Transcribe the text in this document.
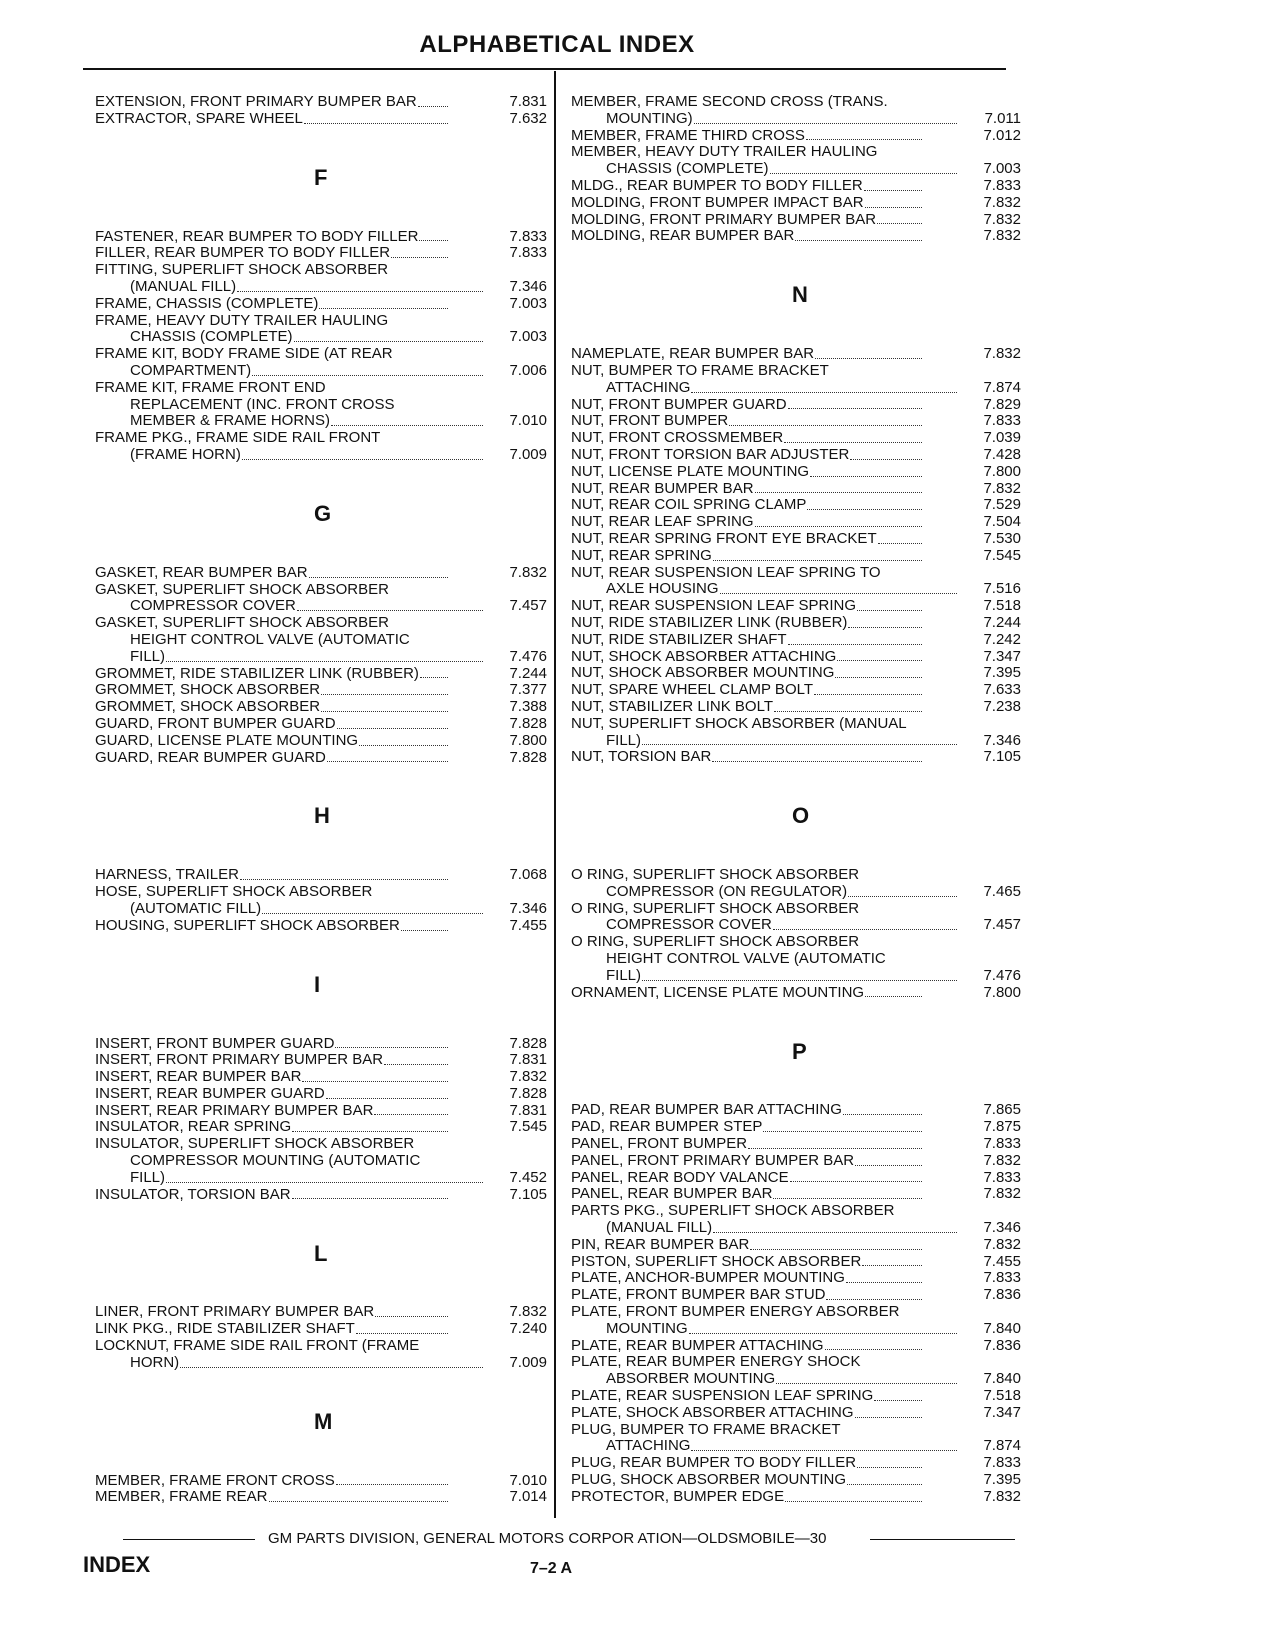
ALPHABETICAL INDEX
EXTENSION, FRONT PRIMARY BUMPER BAR	7.831
EXTRACTOR, SPARE WHEEL	7.632
F
FASTENER, REAR BUMPER TO BODY FILLER	7.833
FILLER, REAR BUMPER TO BODY FILLER	7.833
FITTING, SUPERLIFT SHOCK ABSORBER
(MANUAL FILL)	7.346
FRAME, CHASSIS (COMPLETE)	7.003
FRAME, HEAVY DUTY TRAILER HAULING
CHASSIS (COMPLETE)	7.003
FRAME KIT, BODY FRAME SIDE (AT REAR
COMPARTMENT)	7.006
FRAME KIT, FRAME FRONT END
REPLACEMENT (INC. FRONT CROSS
MEMBER & FRAME HORNS)	7.010
FRAME PKG., FRAME SIDE RAIL FRONT
(FRAME HORN)	7.009
G
GASKET, REAR BUMPER BAR	7.832
GASKET, SUPERLIFT SHOCK ABSORBER
COMPRESSOR COVER	7.457
GASKET, SUPERLIFT SHOCK ABSORBER
HEIGHT CONTROL VALVE (AUTOMATIC
FILL)	7.476
GROMMET, RIDE STABILIZER LINK (RUBBER)	7.244
GROMMET, SHOCK ABSORBER	7.377
GROMMET, SHOCK ABSORBER	7.388
GUARD, FRONT BUMPER GUARD	7.828
GUARD, LICENSE PLATE MOUNTING	7.800
GUARD, REAR BUMPER GUARD	7.828
H
HARNESS, TRAILER	7.068
HOSE, SUPERLIFT SHOCK ABSORBER
(AUTOMATIC FILL)	7.346
HOUSING, SUPERLIFT SHOCK ABSORBER	7.455
I
INSERT, FRONT BUMPER GUARD	7.828
INSERT, FRONT PRIMARY BUMPER BAR	7.831
INSERT, REAR BUMPER BAR	7.832
INSERT, REAR BUMPER GUARD	7.828
INSERT, REAR PRIMARY BUMPER BAR	7.831
INSULATOR, REAR SPRING	7.545
INSULATOR, SUPERLIFT SHOCK ABSORBER
COMPRESSOR MOUNTING (AUTOMATIC
FILL)	7.452
INSULATOR, TORSION BAR	7.105
L
LINER, FRONT PRIMARY BUMPER BAR	7.832
LINK PKG., RIDE STABILIZER SHAFT	7.240
LOCKNUT, FRAME SIDE RAIL FRONT (FRAME
HORN)	7.009
M
MEMBER, FRAME FRONT CROSS	7.010
MEMBER, FRAME REAR	7.014
MEMBER, FRAME SECOND CROSS (TRANS.
MOUNTING)	7.011
MEMBER, FRAME THIRD CROSS	7.012
MEMBER, HEAVY DUTY TRAILER HAULING
CHASSIS (COMPLETE)	7.003
MLDG., REAR BUMPER TO BODY FILLER	7.833
MOLDING, FRONT BUMPER IMPACT BAR	7.832
MOLDING, FRONT PRIMARY BUMPER BAR	7.832
MOLDING, REAR BUMPER BAR	7.832
N
NAMEPLATE, REAR BUMPER BAR	7.832
NUT, BUMPER TO FRAME BRACKET
ATTACHING	7.874
NUT, FRONT BUMPER GUARD	7.829
NUT, FRONT BUMPER	7.833
NUT, FRONT CROSSMEMBER	7.039
NUT, FRONT TORSION BAR ADJUSTER	7.428
NUT, LICENSE PLATE MOUNTING	7.800
NUT, REAR BUMPER BAR	7.832
NUT, REAR COIL SPRING CLAMP	7.529
NUT, REAR LEAF SPRING	7.504
NUT, REAR SPRING FRONT EYE BRACKET	7.530
NUT, REAR SPRING	7.545
NUT, REAR SUSPENSION LEAF SPRING TO
AXLE HOUSING	7.516
NUT, REAR SUSPENSION LEAF SPRING	7.518
NUT, RIDE STABILIZER LINK (RUBBER)	7.244
NUT, RIDE STABILIZER SHAFT	7.242
NUT, SHOCK ABSORBER ATTACHING	7.347
NUT, SHOCK ABSORBER MOUNTING	7.395
NUT, SPARE WHEEL CLAMP BOLT	7.633
NUT, STABILIZER LINK BOLT	7.238
NUT, SUPERLIFT SHOCK ABSORBER (MANUAL
FILL)	7.346
NUT, TORSION BAR	7.105
O
O RING, SUPERLIFT SHOCK ABSORBER
COMPRESSOR (ON REGULATOR)	7.465
O RING, SUPERLIFT SHOCK ABSORBER
COMPRESSOR COVER	7.457
O RING, SUPERLIFT SHOCK ABSORBER
HEIGHT CONTROL VALVE (AUTOMATIC
FILL)	7.476
ORNAMENT, LICENSE PLATE MOUNTING	7.800
P
PAD, REAR BUMPER BAR ATTACHING	7.865
PAD, REAR BUMPER STEP	7.875
PANEL, FRONT BUMPER	7.833
PANEL, FRONT PRIMARY BUMPER BAR	7.832
PANEL, REAR BODY VALANCE	7.833
PANEL, REAR BUMPER BAR	7.832
PARTS PKG., SUPERLIFT SHOCK ABSORBER
(MANUAL FILL)	7.346
PIN, REAR BUMPER BAR	7.832
PISTON, SUPERLIFT SHOCK ABSORBER	7.455
PLATE, ANCHOR-BUMPER MOUNTING	7.833
PLATE, FRONT BUMPER BAR STUD	7.836
PLATE, FRONT BUMPER ENERGY ABSORBER
MOUNTING	7.840
PLATE, REAR BUMPER ATTACHING	7.836
PLATE, REAR BUMPER ENERGY SHOCK
ABSORBER MOUNTING	7.840
PLATE, REAR SUSPENSION LEAF SPRING	7.518
PLATE, SHOCK ABSORBER ATTACHING	7.347
PLUG, BUMPER TO FRAME BRACKET
ATTACHING	7.874
PLUG, REAR BUMPER TO BODY FILLER	7.833
PLUG, SHOCK ABSORBER MOUNTING	7.395
PROTECTOR, BUMPER EDGE	7.832
GM PARTS DIVISION, GENERAL MOTORS CORPOR ATION—OLDSMOBILE—30
INDEX	7–2 A
